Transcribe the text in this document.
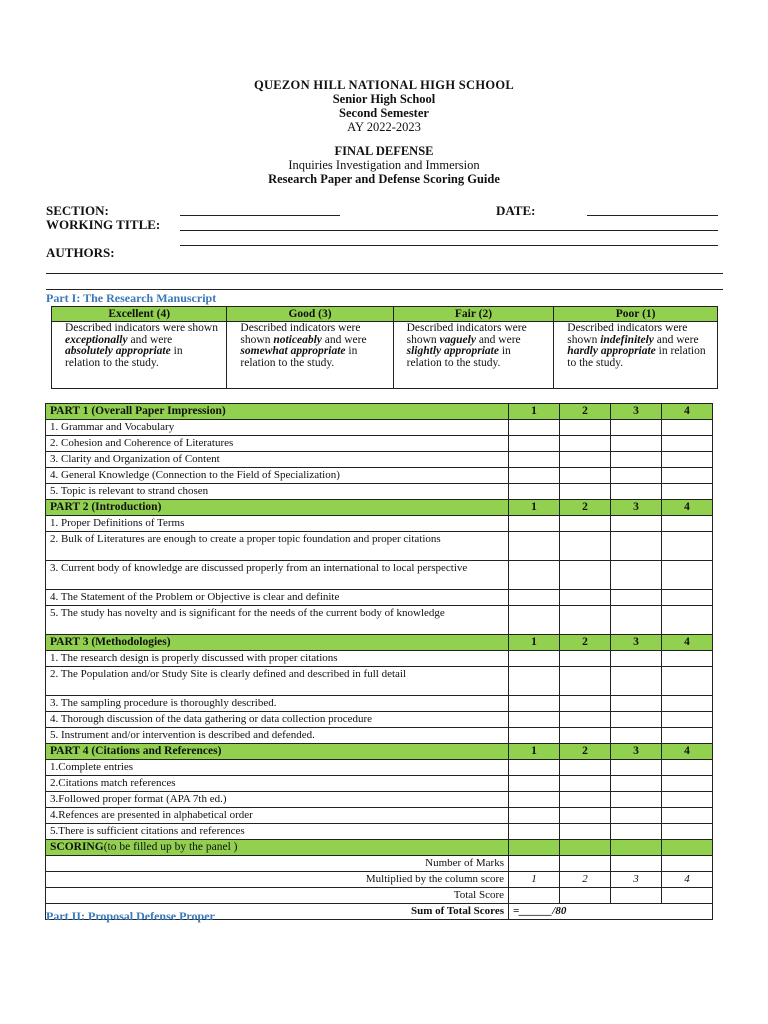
QUEZON HILL NATIONAL HIGH SCHOOL
Senior High School
Second Semester
AY 2022-2023
FINAL DEFENSE
Inquiries Investigation and Immersion
Research Paper and Defense Scoring Guide
SECTION:	DATE:
WORKING TITLE:
AUTHORS:
Part I: The Research Manuscript
Excellent (4)	Good (3)	Fair (2)	Poor (1)
Described indicators were shown exceptionally and were absolutely appropriate in relation to the study.	Described indicators were shown noticeably and were somewhat appropriate in relation to the study.	Described indicators were shown vaguely and were slightly appropriate in relation to the study.	Described indicators were shown indefinitely and were hardly appropriate in relation to the study.
PART 1 (Overall Paper Impression)	1	2	3	4
1. Grammar and Vocabulary				
2. Cohesion and Coherence of Literatures				
3. Clarity and Organization of Content				
4. General Knowledge (Connection to the Field of Specialization)				
5. Topic is relevant to strand chosen				
PART 2 (Introduction)	1	2	3	4
1. Proper Definitions of Terms				
2. Bulk of Literatures are enough to create a proper topic foundation and proper citations				
3. Current body of knowledge are discussed properly from an international to local perspective				
4. The Statement of the Problem or Objective is clear and definite				
5. The study has novelty and is significant for the needs of the current body of knowledge				
PART 3 (Methodologies)	1	2	3	4
1. The research design is properly discussed with proper citations				
2. The Population and/or Study Site is clearly defined and described in full detail				
3. The sampling procedure is thoroughly described.				
4. Thorough discussion of the data gathering or data collection procedure				
5. Instrument and/or intervention is described and defended.				
PART 4 (Citations and References)	1	2	3	4
1.Complete entries				
2.Citations match references				
3.Followed proper format (APA 7th ed.)				
4.Refences are presented in alphabetical order				
5.There is sufficient citations and references				
SCORING(to be filled up by the panel )				
Number of Marks				
Multiplied by the column score	1	2	3	4
Total Score				
Sum of Total Scores	=______/80			
Part II: Proposal Defense Proper
